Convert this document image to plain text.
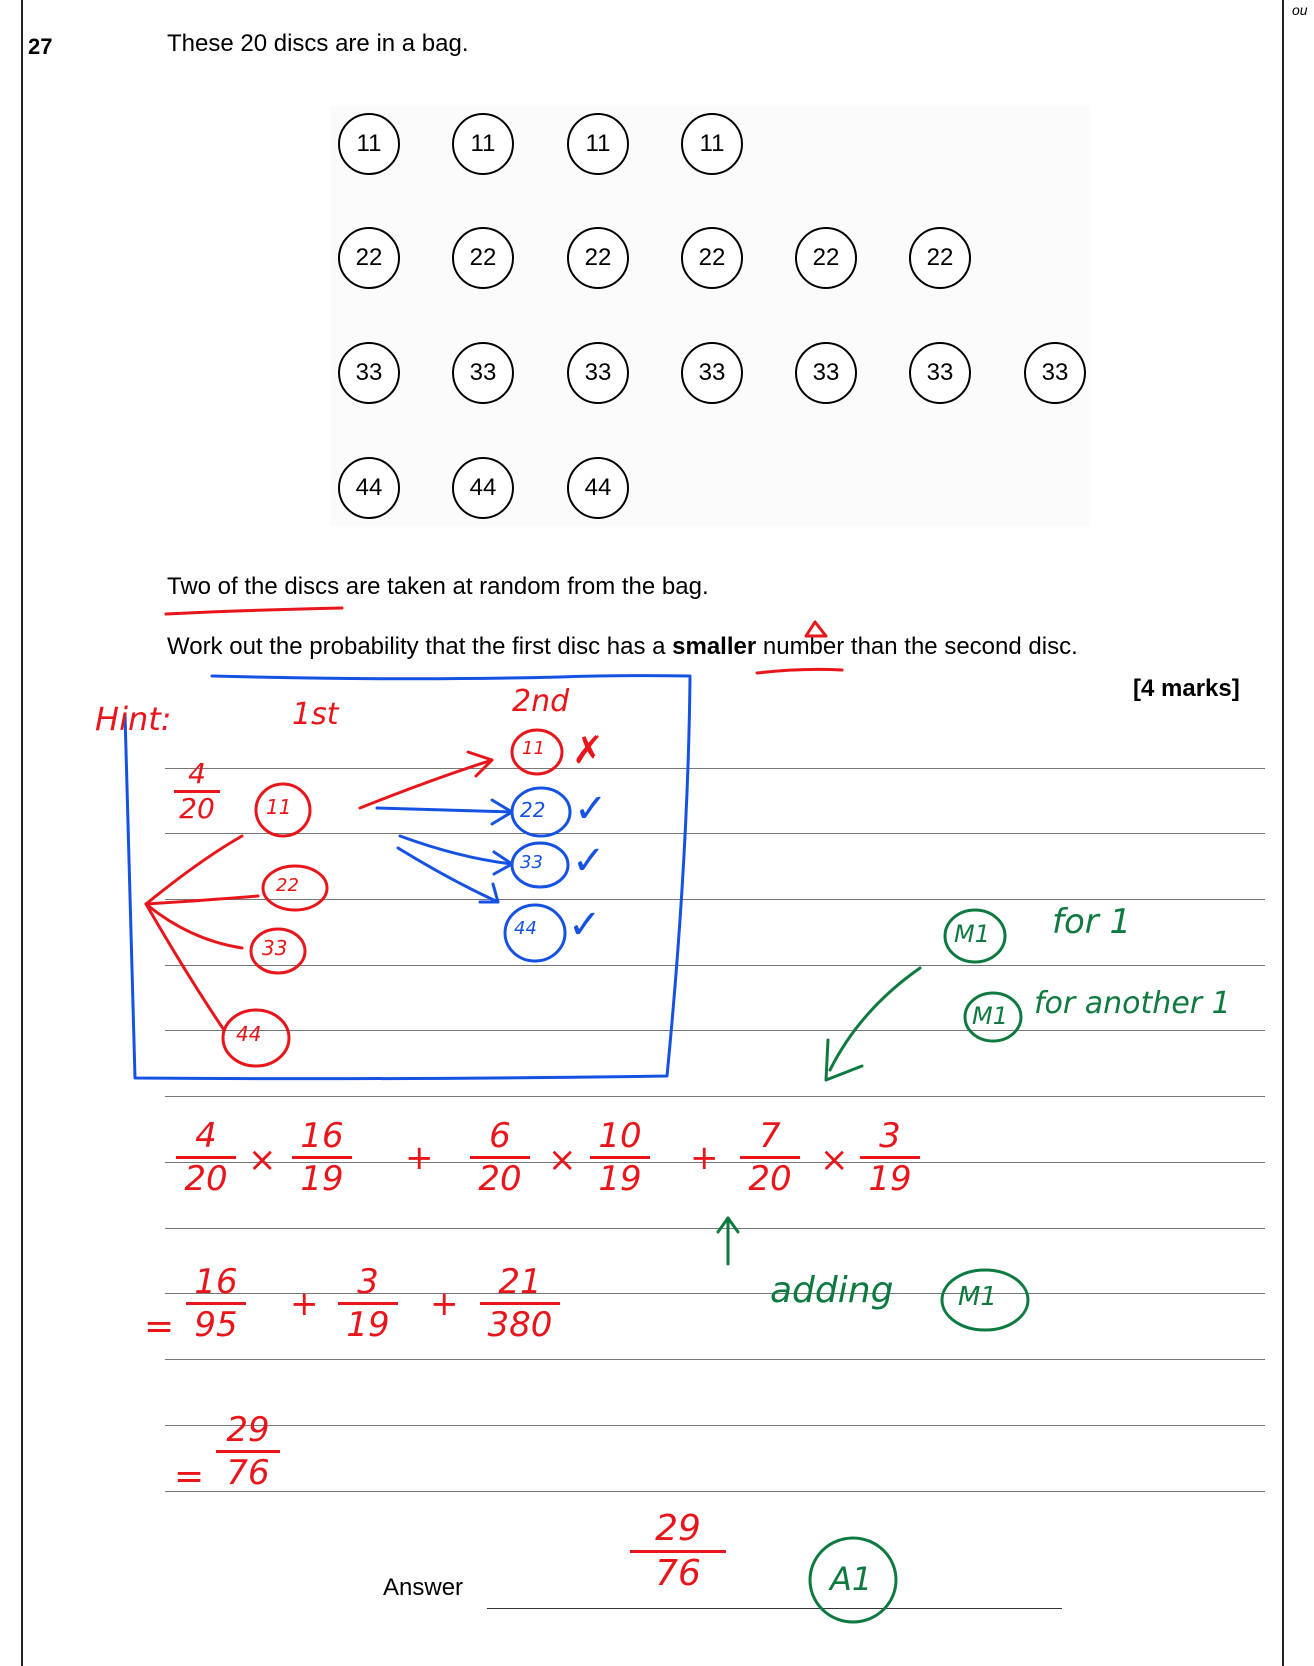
ou
27	These 20 discs are in a bag.
11	11	11	11
22	22	22	22	22	22
33	33	33	33	33	33	33
44	44	44
Two of the discs are taken at random from the bag.
Work out the probability that the first disc has a smaller number than the second disc.
[4 marks]
Answer
Hint:	1st	2nd
4
20
✗
✓
✓
✓	M1 for 1
M1 for another 1
adding M1
A1
=
=
11
22
33
44
11
22
33
44
$\frac{4}{20} \times \frac{16}{19} + \frac{6}{20} \times \frac{10}{19} + \frac{7}{20} \times \frac{3}{19}$
$\frac{16}{95} + \frac{3}{19} + \frac{21}{380}$
$\frac{29}{76}$
$\frac{29}{76}$
